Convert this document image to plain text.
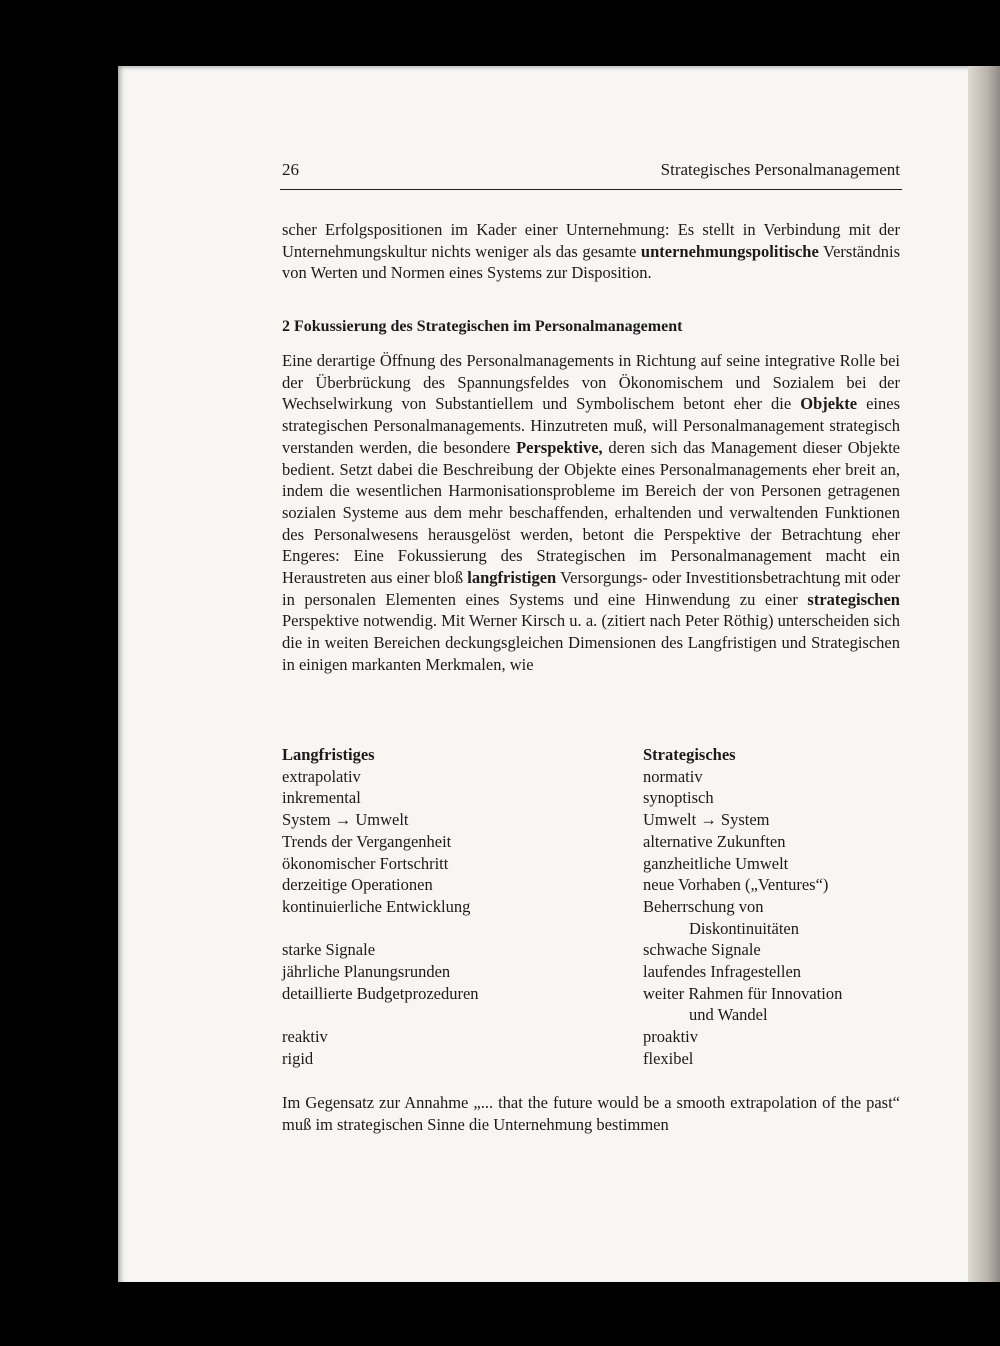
26	Strategisches Personalmanagement
scher Erfolgspositionen im Kader einer Unternehmung: Es stellt in Verbindung mit der Unternehmungskultur nichts weniger als das gesamte unternehmungspolitische Verständnis von Werten und Normen eines Systems zur Disposition.
2 Fokussierung des Strategischen im Personalmanagement
Eine derartige Öffnung des Personalmanagements in Richtung auf seine integrative Rolle bei der Überbrückung des Spannungsfeldes von Ökonomischem und Sozialem bei der Wechselwirkung von Substantiellem und Symbolischem betont eher die Objekte eines strategischen Personalmanagements. Hinzutreten muß, will Personalmanagement strategisch verstanden werden, die besondere Perspektive, deren sich das Management dieser Objekte bedient. Setzt dabei die Beschreibung der Objekte eines Personalmanagements eher breit an, indem die wesentlichen Harmonisationsprobleme im Bereich der von Personen getragenen sozialen Systeme aus dem mehr beschaffenden, erhaltenden und verwaltenden Funktionen des Personalwesens herausgelöst werden, betont die Perspektive der Betrachtung eher Engeres: Eine Fokussierung des Strategischen im Personalmanagement macht ein Heraustreten aus einer bloß langfristigen Versorgungs- oder Investitionsbetrachtung mit oder in personalen Elementen eines Systems und eine Hinwendung zu einer strategischen Perspektive notwendig. Mit Werner Kirsch u. a. (zitiert nach Peter Röthig) unterscheiden sich die in weiten Bereichen deckungsgleichen Dimensionen des Langfristigen und Strategischen in einigen markanten Merkmalen, wie
Langfristiges
extrapolativ
inkremental
System → Umwelt
Trends der Vergangenheit
ökonomischer Fortschritt
derzeitige Operationen
kontinuierliche Entwicklung
starke Signale
jährliche Planungsrunden
detaillierte Budgetprozeduren
reaktiv
rigid
Strategisches
normativ
synoptisch
Umwelt → System
alternative Zukunften
ganzheitliche Umwelt
neue Vorhaben („Ventures“)
Beherrschung von
Diskontinuitäten
schwache Signale
laufendes Infragestellen
weiter Rahmen für Innovation
und Wandel
proaktiv
flexibel
Im Gegensatz zur Annahme „... that the future would be a smooth extrapolation of the past“ muß im strategischen Sinne die Unternehmung bestimmen
